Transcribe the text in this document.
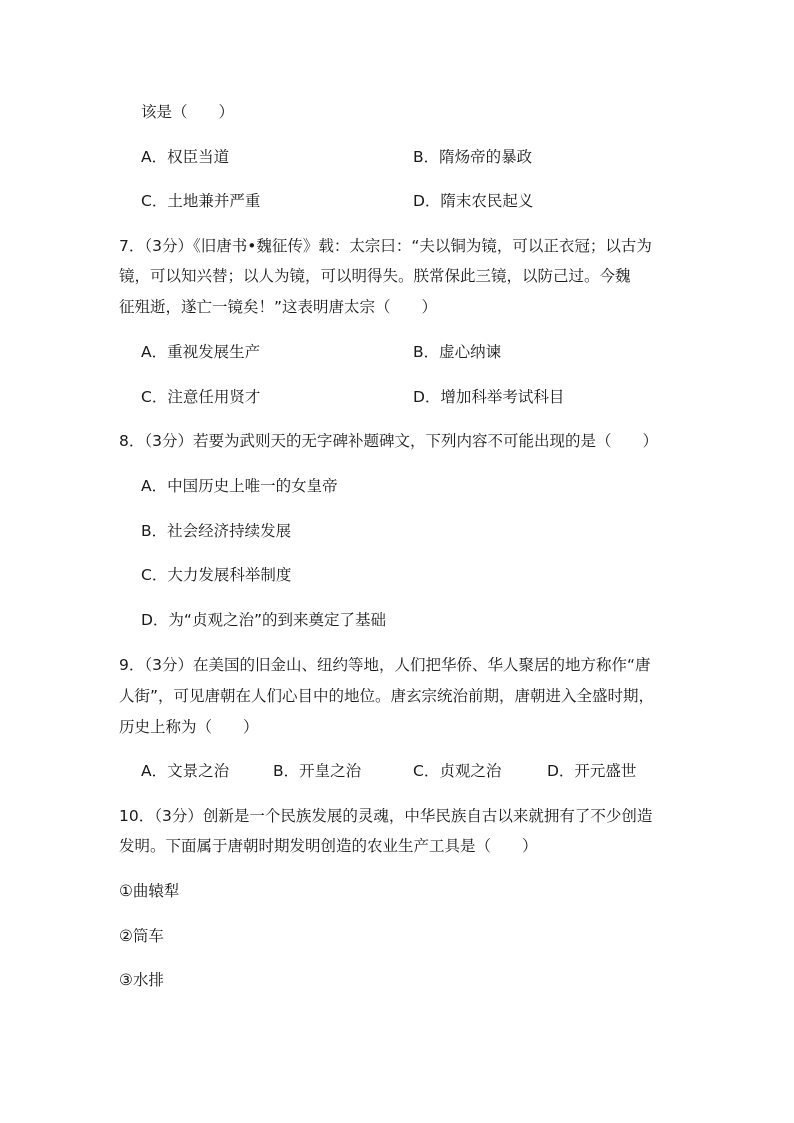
该是（　　）
A．权臣当道	B．隋炀帝的暴政
C．土地兼并严重	D．隋末农民起义
7．（3分）《旧唐书•魏征传》载：太宗曰：“夫以铜为镜，可以正衣冠；以古为
镜，可以知兴替；以人为镜，可以明得失。朕常保此三镜，以防己过。今魏
征殂逝，遂亡一镜矣！”这表明唐太宗（　　）
A．重视发展生产	B．虚心纳谏
C．注意任用贤才	D．增加科举考试科目
8．（3分）若要为武则天的无字碑补题碑文，下列内容不可能出现的是（　　）
A．中国历史上唯一的女皇帝
B．社会经济持续发展
C．大力发展科举制度
D．为“贞观之治”的到来奠定了基础
9．（3分）在美国的旧金山、纽约等地，人们把华侨、华人聚居的地方称作“唐
人街”，可见唐朝在人们心目中的地位。唐玄宗统治前期，唐朝进入全盛时期，
历史上称为（　　）
A．文景之治	B．开皇之治	C．贞观之治	D．开元盛世
10．（3分）创新是一个民族发展的灵魂，中华民族自古以来就拥有了不少创造
发明。下面属于唐朝时期发明创造的农业生产工具是（　　）
①曲辕犁
②筒车
③水排
